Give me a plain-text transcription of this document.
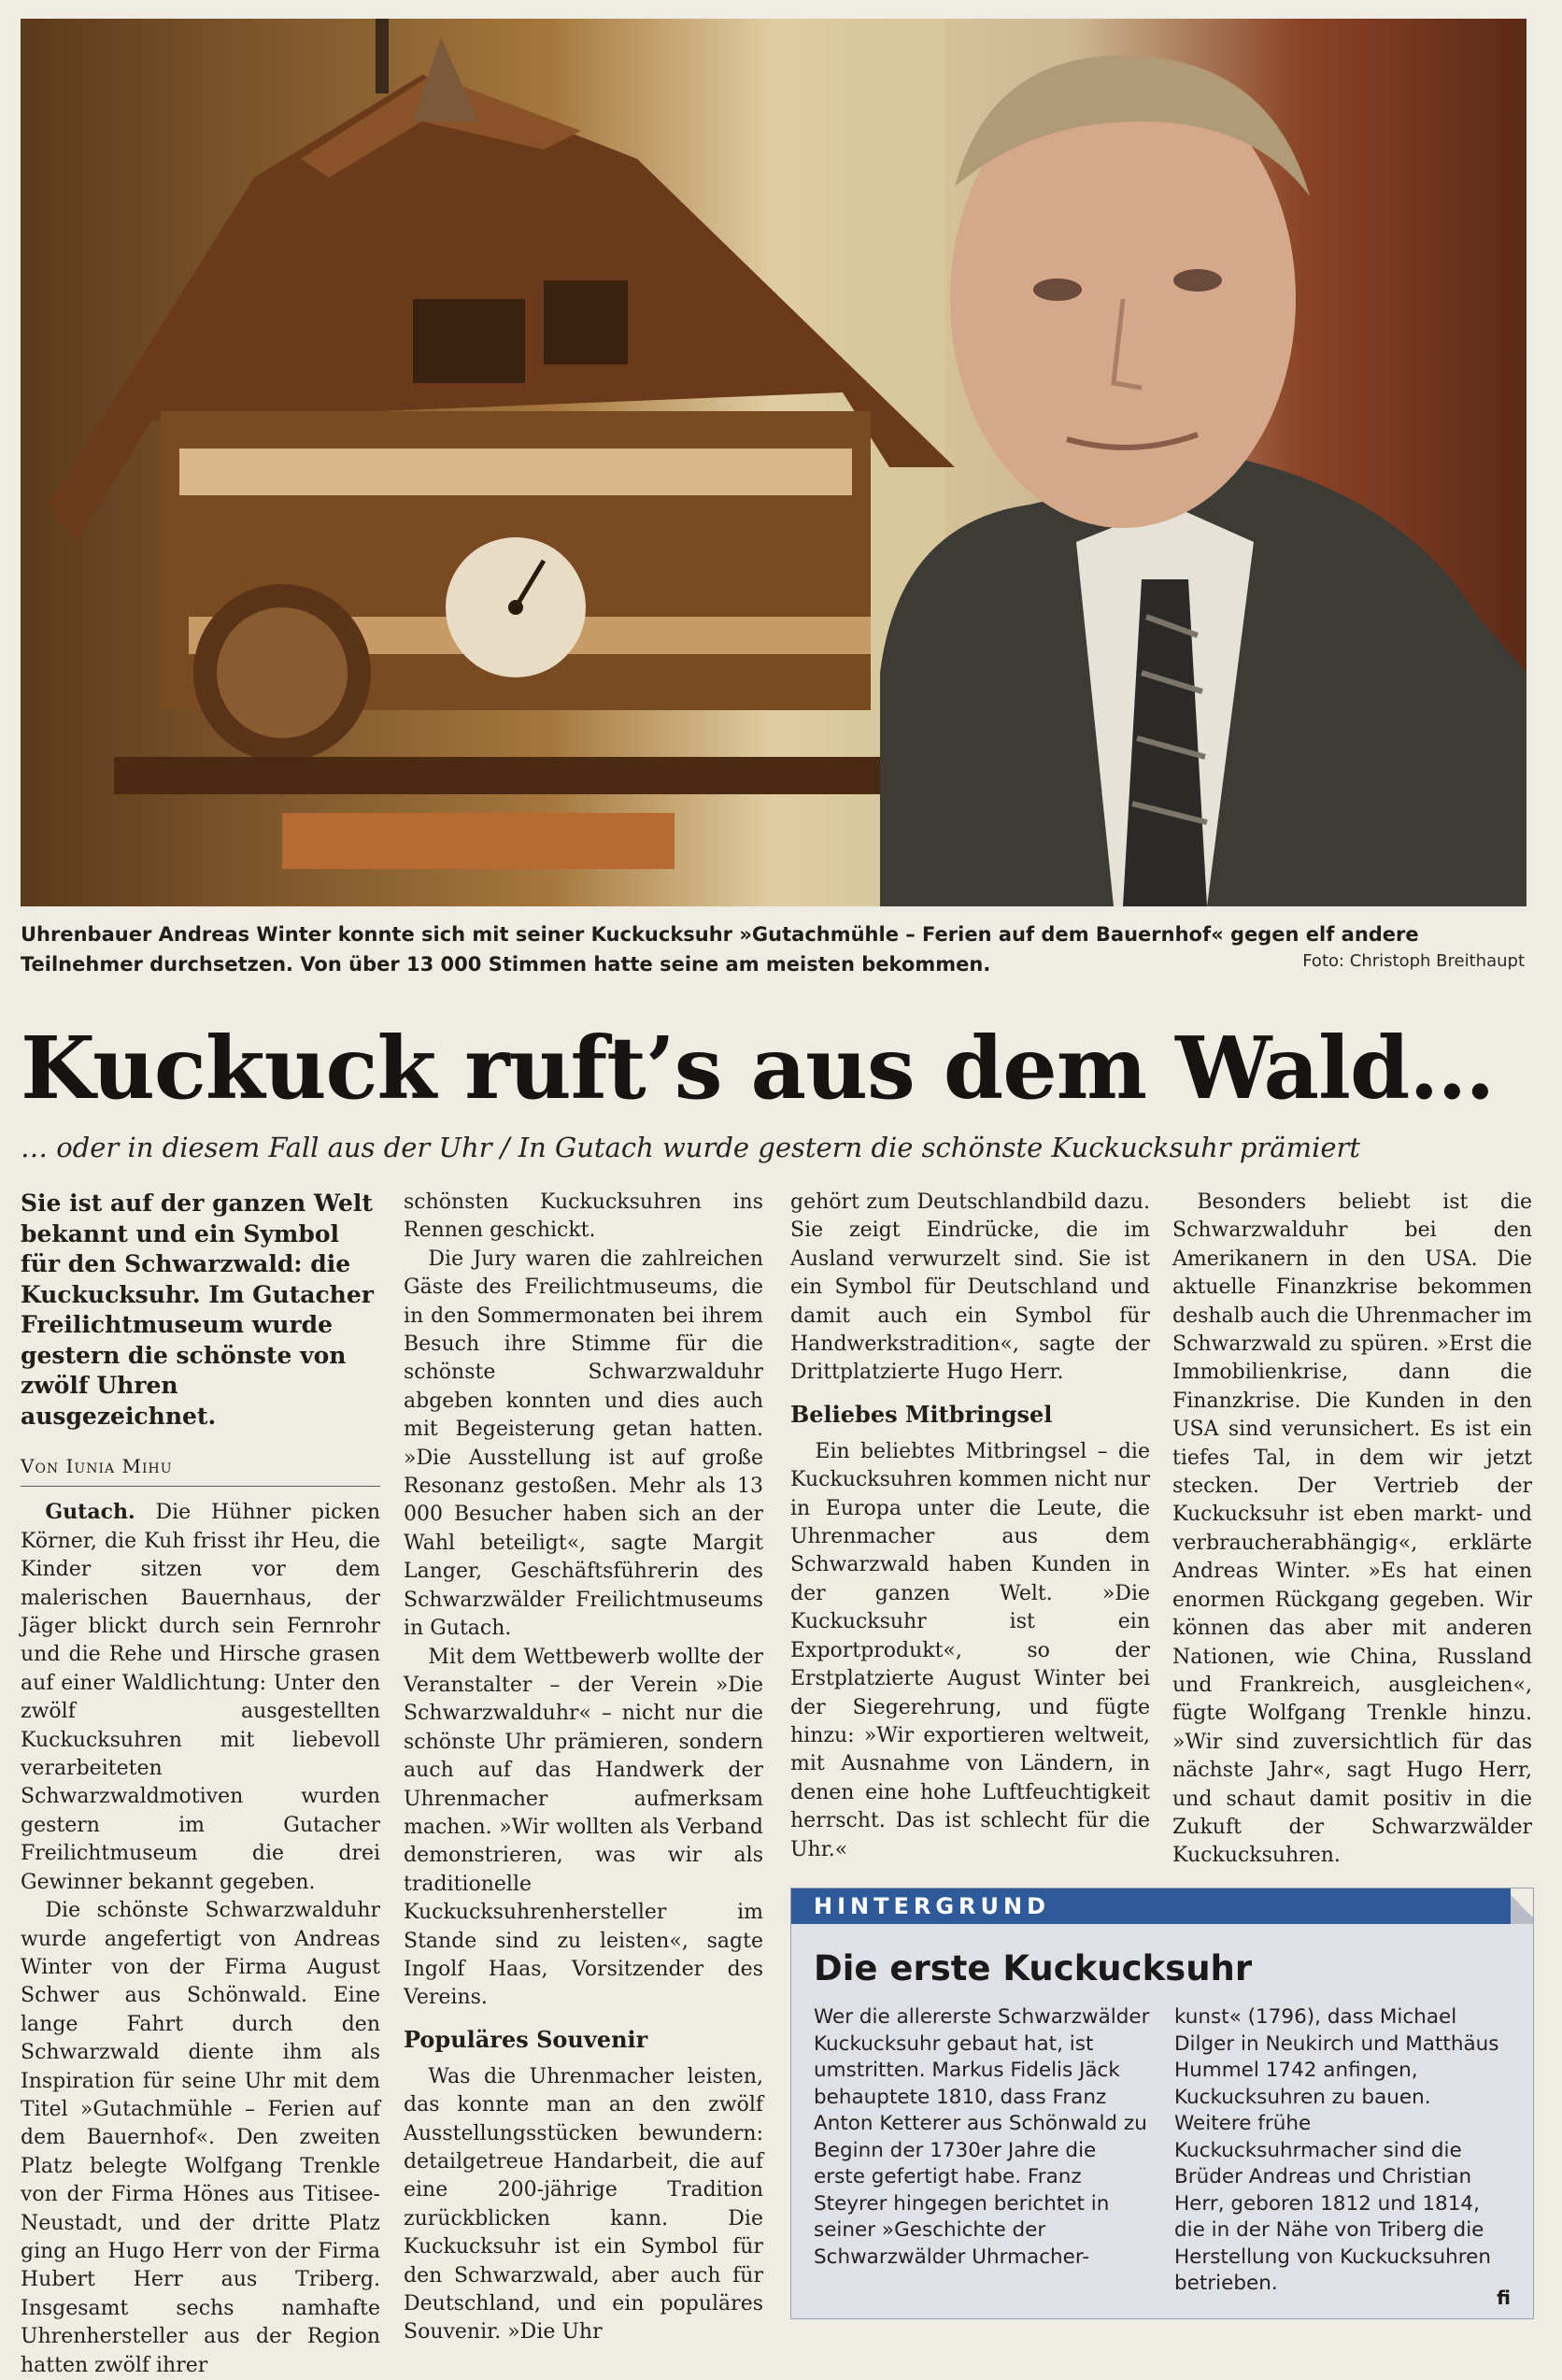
Uhrenbauer Andreas Winter konnte sich mit seiner Kuckucksuhr »Gutachmühle – Ferien auf dem Bauernhof« gegen elf andere Teilnehmer durchsetzen. Von über 13 000 Stimmen hatte seine am meisten bekommen.	Foto: Christoph Breithaupt
Kuckuck ruft’s aus dem Wald…
… oder in diesem Fall aus der Uhr / In Gutach wurde gestern die schönste Kuckucksuhr prämiert
Sie ist auf der ganzen Welt bekannt und ein Symbol für den Schwarzwald: die Kuckucksuhr. Im Gutacher Freilichtmuseum wurde gestern die schönste von zwölf Uhren ausgezeichnet.
Von Iunia Mihu

Gutach. Die Hühner picken Körner, die Kuh frisst ihr Heu, die Kinder sitzen vor dem malerischen Bauernhaus, der Jäger blickt durch sein Fernrohr und die Rehe und Hirsche grasen auf einer Waldlichtung: Unter den zwölf ausgestellten Kuckucksuhren mit liebevoll verarbeiteten Schwarzwaldmotiven wurden gestern im Gutacher Freilichtmuseum die drei Gewinner bekannt gegeben.

Die schönste Schwarzwalduhr wurde angefertigt von Andreas Winter von der Firma August Schwer aus Schönwald. Eine lange Fahrt durch den Schwarzwald diente ihm als Inspiration für seine Uhr mit dem Titel »Gutachmühle – Ferien auf dem Bauernhof«. Den zweiten Platz belegte Wolfgang Trenkle von der Firma Hönes aus Titisee-Neustadt, und der dritte Platz ging an Hugo Herr von der Firma Hubert Herr aus Triberg. Insgesamt sechs namhafte Uhrenhersteller aus der Region hatten zwölf ihrer

schönsten Kuckucksuhren ins Rennen geschickt.

Die Jury waren die zahlreichen Gäste des Freilichtmuseums, die in den Sommermonaten bei ihrem Besuch ihre Stimme für die schönste Schwarzwalduhr abgeben konnten und dies auch mit Begeisterung getan hatten. »Die Ausstellung ist auf große Resonanz gestoßen. Mehr als 13 000 Besucher haben sich an der Wahl beteiligt«, sagte Margit Langer, Geschäftsführerin des Schwarzwälder Freilichtmuseums in Gutach.

Mit dem Wettbewerb wollte der Veranstalter – der Verein »Die Schwarzwalduhr« – nicht nur die schönste Uhr prämieren, sondern auch auf das Handwerk der Uhrenmacher aufmerksam machen. »Wir wollten als Verband demonstrieren, was wir als traditionelle Kuckucksuhrenhersteller im Stande sind zu leisten«, sagte Ingolf Haas, Vorsitzender des Vereins.

Populäres Souvenir

Was die Uhrenmacher leisten, das konnte man an den zwölf Ausstellungsstücken bewundern: detailgetreue Handarbeit, die auf eine 200-jährige Tradition zurückblicken kann. Die Kuckucksuhr ist ein Symbol für den Schwarzwald, aber auch für Deutschland, und ein populäres Souvenir. »Die Uhr

gehört zum Deutschlandbild dazu. Sie zeigt Eindrücke, die im Ausland verwurzelt sind. Sie ist ein Symbol für Deutschland und damit auch ein Symbol für Handwerkstradition«, sagte der Drittplatzierte Hugo Herr.

Beliebes Mitbringsel

Ein beliebtes Mitbringsel – die Kuckucksuhren kommen nicht nur in Europa unter die Leute, die Uhrenmacher aus dem Schwarzwald haben Kunden in der ganzen Welt. »Die Kuckucksuhr ist ein Exportprodukt«, so der Erstplatzierte August Winter bei der Siegerehrung, und fügte hinzu: »Wir exportieren weltweit, mit Ausnahme von Ländern, in denen eine hohe Luftfeuchtigkeit herrscht. Das ist schlecht für die Uhr.«

Besonders beliebt ist die Schwarzwalduhr bei den Amerikanern in den USA. Die aktuelle Finanzkrise bekommen deshalb auch die Uhrenmacher im Schwarzwald zu spüren. »Erst die Immobilienkrise, dann die Finanzkrise. Die Kunden in den USA sind verunsichert. Es ist ein tiefes Tal, in dem wir jetzt stecken. Der Vertrieb der Kuckucksuhr ist eben markt- und verbraucherabhängig«, erklärte Andreas Winter. »Es hat einen enormen Rückgang gegeben. Wir können das aber mit anderen Nationen, wie China, Russland und Frankreich, ausgleichen«, fügte Wolfgang Trenkle hinzu. »Wir sind zuversichtlich für das nächste Jahr«, sagt Hugo Herr, und schaut damit positiv in die Zukuft der Schwarzwälder Kuckucksuhren.

HINTERGRUND
Die erste Kuckucksuhr
Wer die allererste Schwarzwälder Kuckucksuhr gebaut hat, ist umstritten. Markus Fidelis Jäck behauptete 1810, dass Franz Anton Ketterer aus Schönwald zu Beginn der 1730er Jahre die erste gefertigt habe. Franz Steyrer hingegen berichtet in seiner »Geschichte der Schwarzwälder Uhrmacher-
kunst« (1796), dass Michael Dilger in Neukirch und Matthäus Hummel 1742 anfingen, Kuckucksuhren zu bauen. Weitere frühe Kuckucksuhrmacher sind die Brüder Andreas und Christian Herr, geboren 1812 und 1814, die in der Nähe von Triberg die Herstellung von Kuckucksuhren betrieben.
fi
